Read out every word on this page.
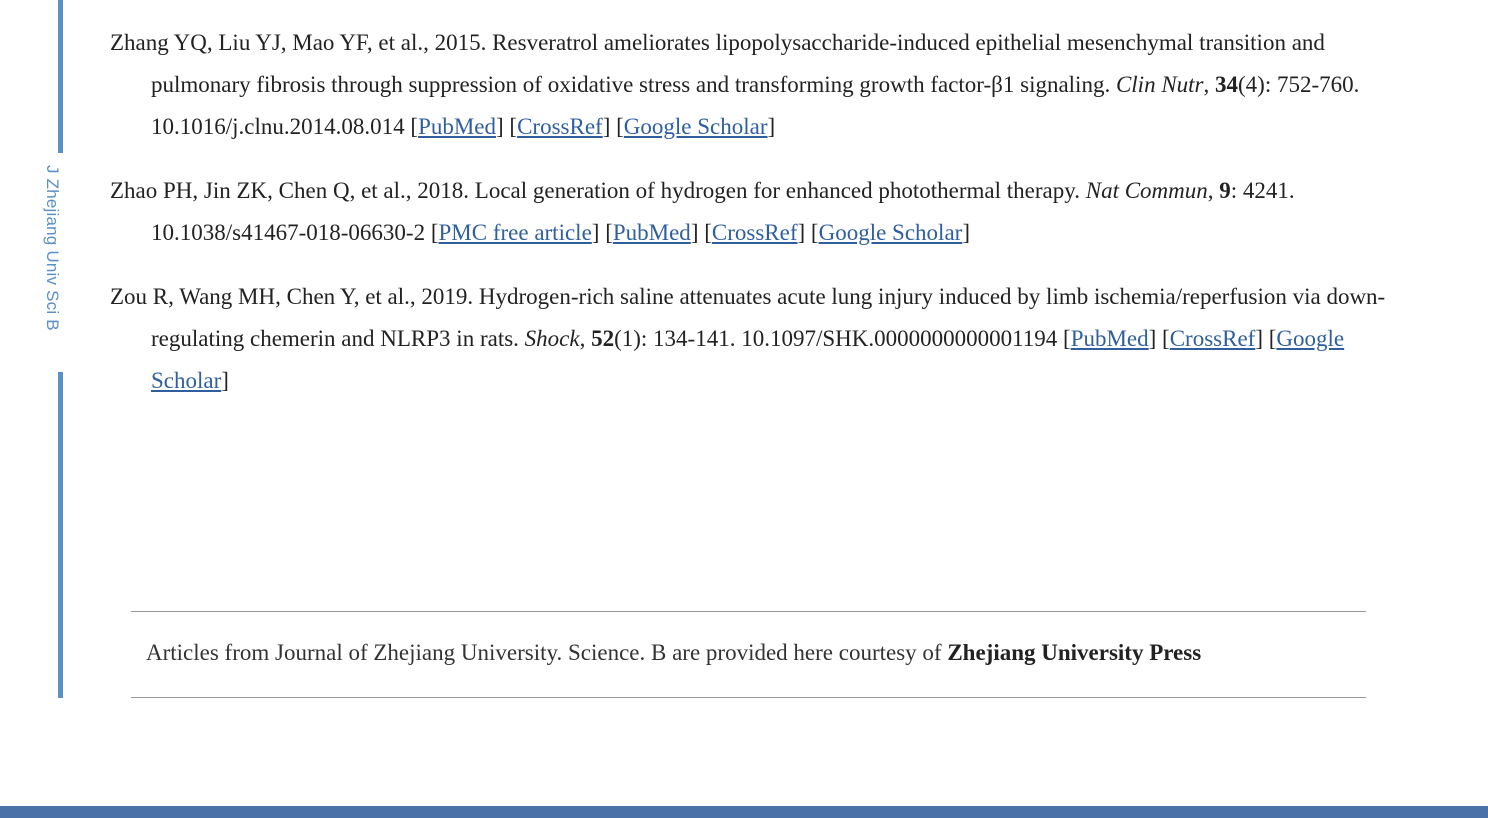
J Zhejiang Univ Sci B

Zhang YQ, Liu YJ, Mao YF, et al., 2015. Resveratrol ameliorates lipopolysaccharide-induced epithelial mesenchymal transition and pulmonary fibrosis through suppression of oxidative stress and transforming growth factor-β1 signaling. Clin Nutr, 34(4): 752-760. 10.1016/j.clnu.2014.08.014 [PubMed] [CrossRef] [Google Scholar]

Zhao PH, Jin ZK, Chen Q, et al., 2018. Local generation of hydrogen for enhanced photothermal therapy. Nat Commun, 9: 4241. 10.1038/s41467-018-06630-2 [PMC free article] [PubMed] [CrossRef] [Google Scholar]

Zou R, Wang MH, Chen Y, et al., 2019. Hydrogen-rich saline attenuates acute lung injury induced by limb ischemia/reperfusion via down-regulating chemerin and NLRP3 in rats. Shock, 52(1): 134-141. 10.1097/SHK.0000000000001194 [PubMed] [CrossRef] [Google Scholar]

Articles from Journal of Zhejiang University. Science. B are provided here courtesy of Zhejiang University Press
